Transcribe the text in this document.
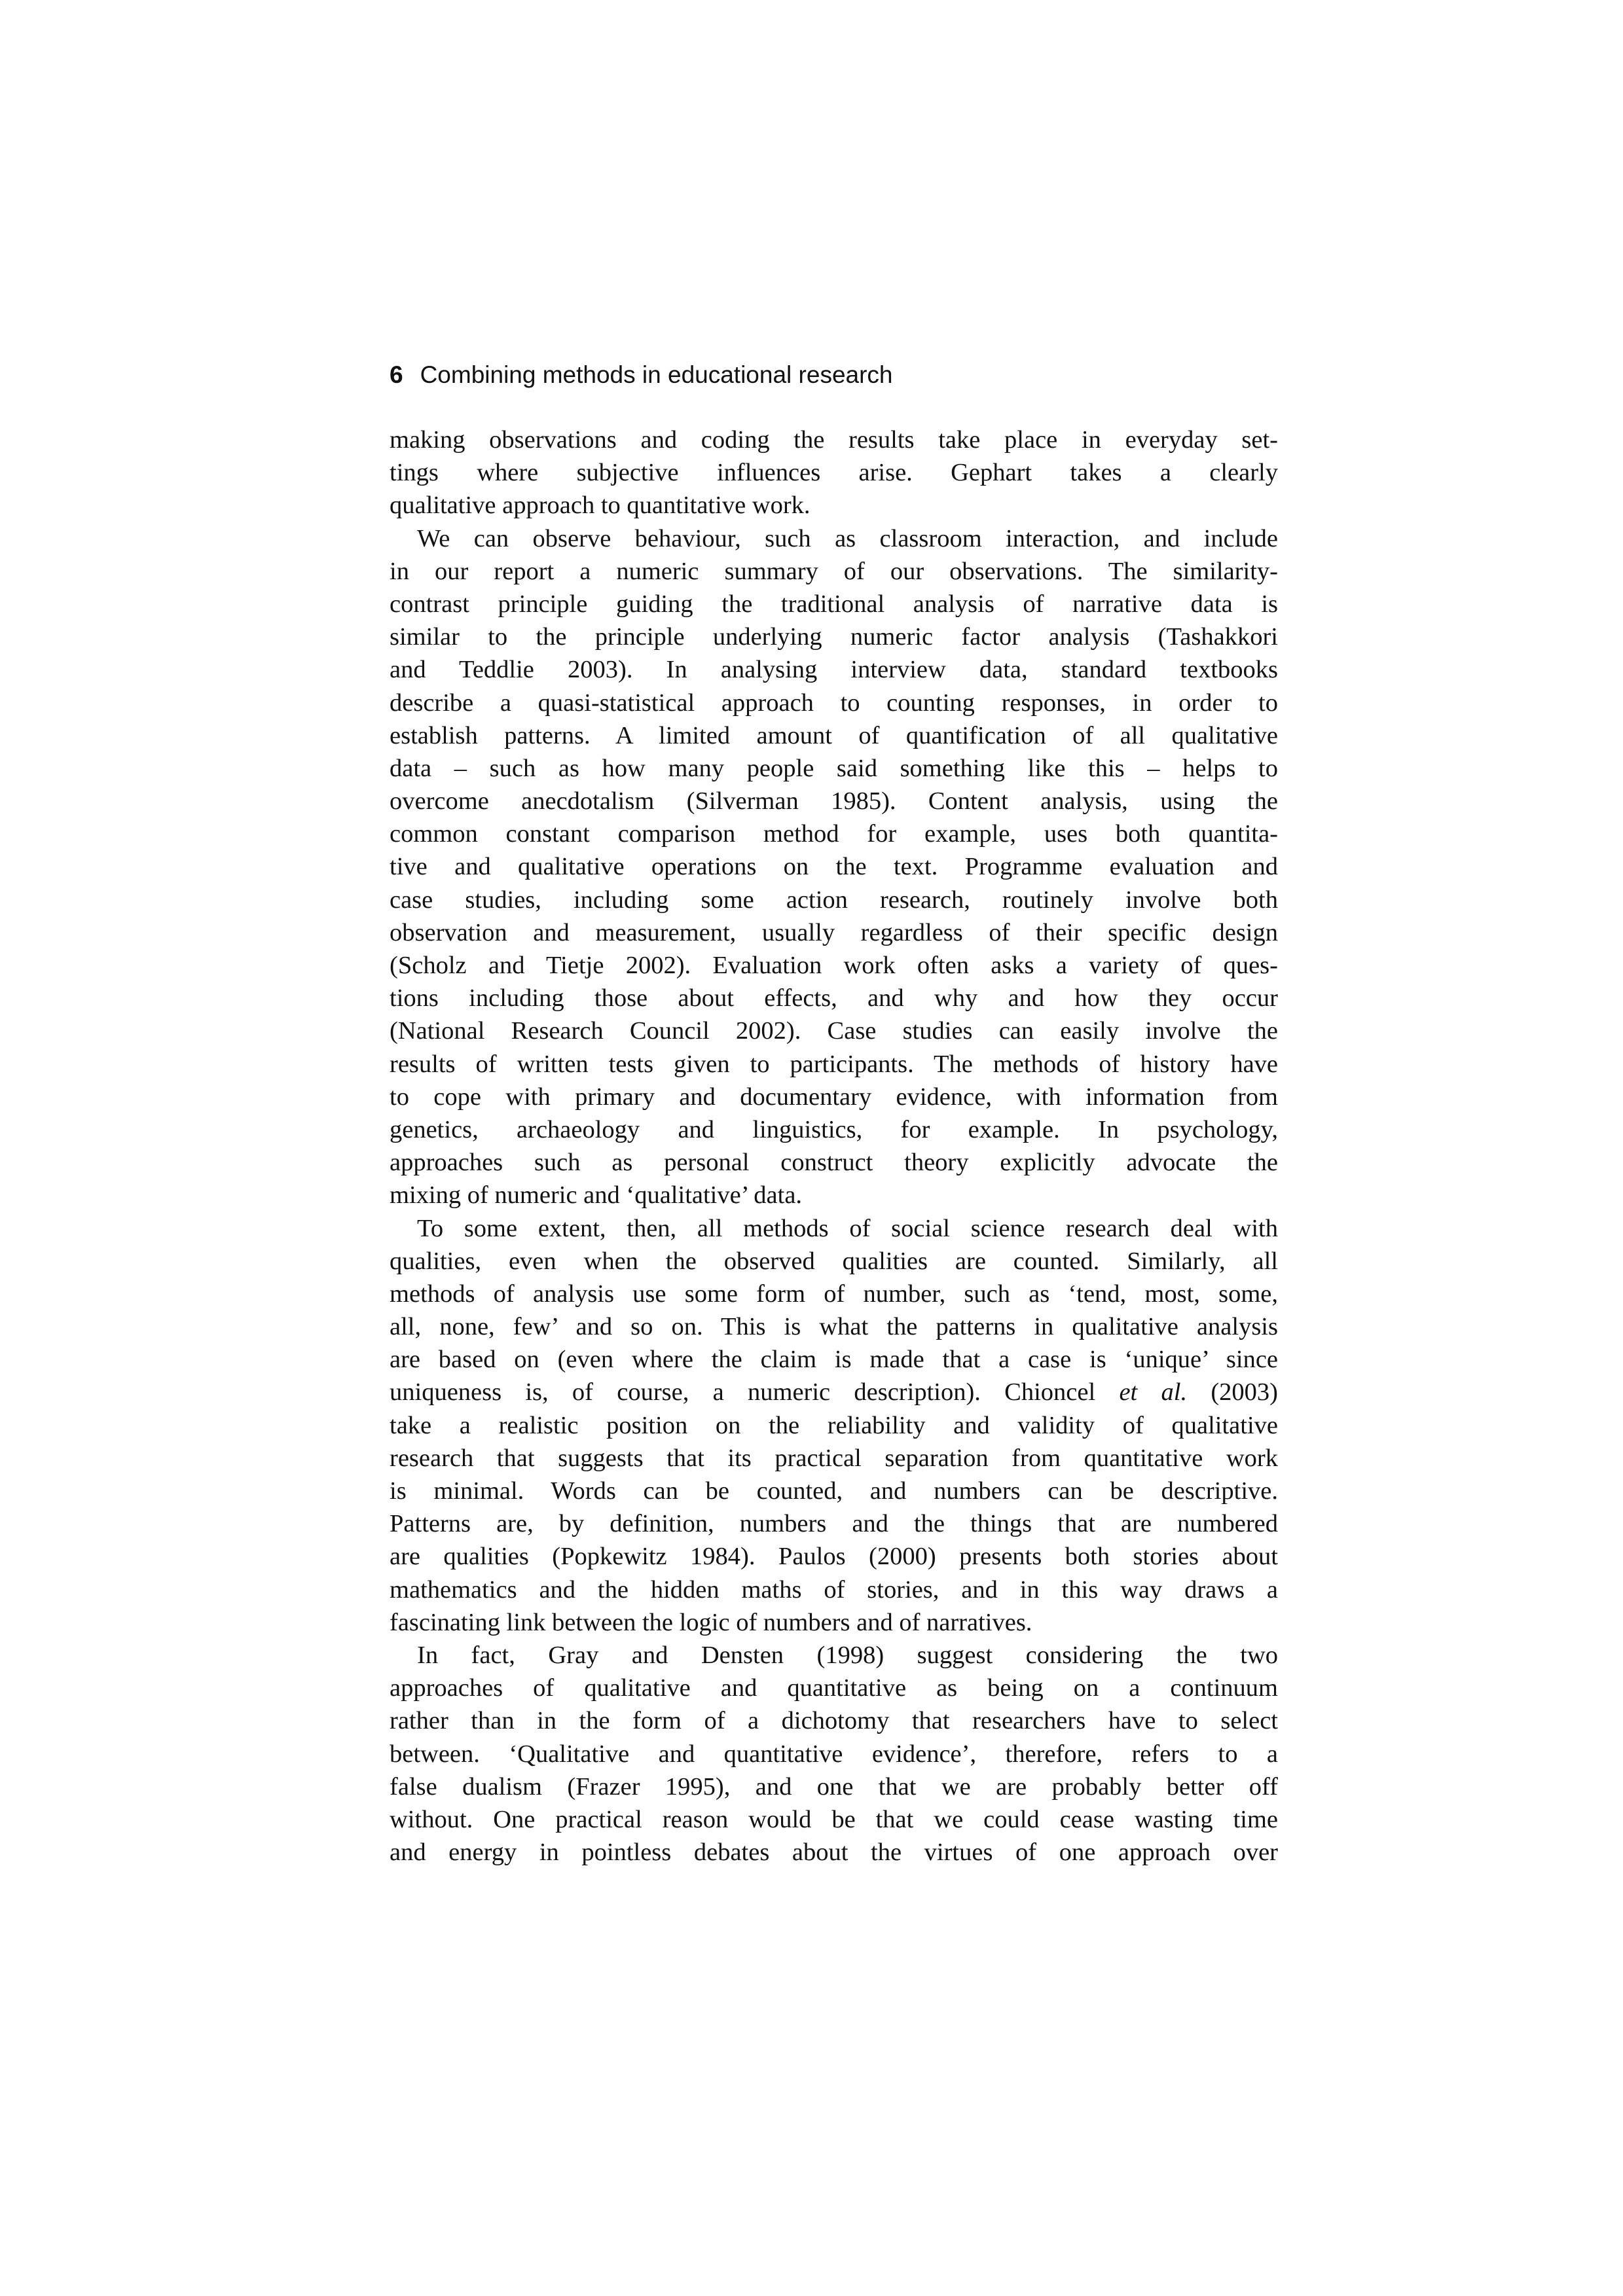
6 Combining methods in educational research
making observations and coding the results take place in everyday set-
tings where subjective influences arise. Gephart takes a clearly
qualitative approach to quantitative work.
We can observe behaviour, such as classroom interaction, and include
in our report a numeric summary of our observations. The similarity-
contrast principle guiding the traditional analysis of narrative data is
similar to the principle underlying numeric factor analysis (Tashakkori
and Teddlie 2003). In analysing interview data, standard textbooks
describe a quasi-statistical approach to counting responses, in order to
establish patterns. A limited amount of quantification of all qualitative
data – such as how many people said something like this – helps to
overcome anecdotalism (Silverman 1985). Content analysis, using the
common constant comparison method for example, uses both quantita-
tive and qualitative operations on the text. Programme evaluation and
case studies, including some action research, routinely involve both
observation and measurement, usually regardless of their specific design
(Scholz and Tietje 2002). Evaluation work often asks a variety of ques-
tions including those about effects, and why and how they occur
(National Research Council 2002). Case studies can easily involve the
results of written tests given to participants. The methods of history have
to cope with primary and documentary evidence, with information from
genetics, archaeology and linguistics, for example. In psychology,
approaches such as personal construct theory explicitly advocate the
mixing of numeric and ‘qualitative’ data.
To some extent, then, all methods of social science research deal with
qualities, even when the observed qualities are counted. Similarly, all
methods of analysis use some form of number, such as ‘tend, most, some,
all, none, few’ and so on. This is what the patterns in qualitative analysis
are based on (even where the claim is made that a case is ‘unique’ since
uniqueness is, of course, a numeric description). Chioncel et al. (2003)
take a realistic position on the reliability and validity of qualitative
research that suggests that its practical separation from quantitative work
is minimal. Words can be counted, and numbers can be descriptive.
Patterns are, by definition, numbers and the things that are numbered
are qualities (Popkewitz 1984). Paulos (2000) presents both stories about
mathematics and the hidden maths of stories, and in this way draws a
fascinating link between the logic of numbers and of narratives.
In fact, Gray and Densten (1998) suggest considering the two
approaches of qualitative and quantitative as being on a continuum
rather than in the form of a dichotomy that researchers have to select
between. ‘Qualitative and quantitative evidence’, therefore, refers to a
false dualism (Frazer 1995), and one that we are probably better off
without. One practical reason would be that we could cease wasting time
and energy in pointless debates about the virtues of one approach over
